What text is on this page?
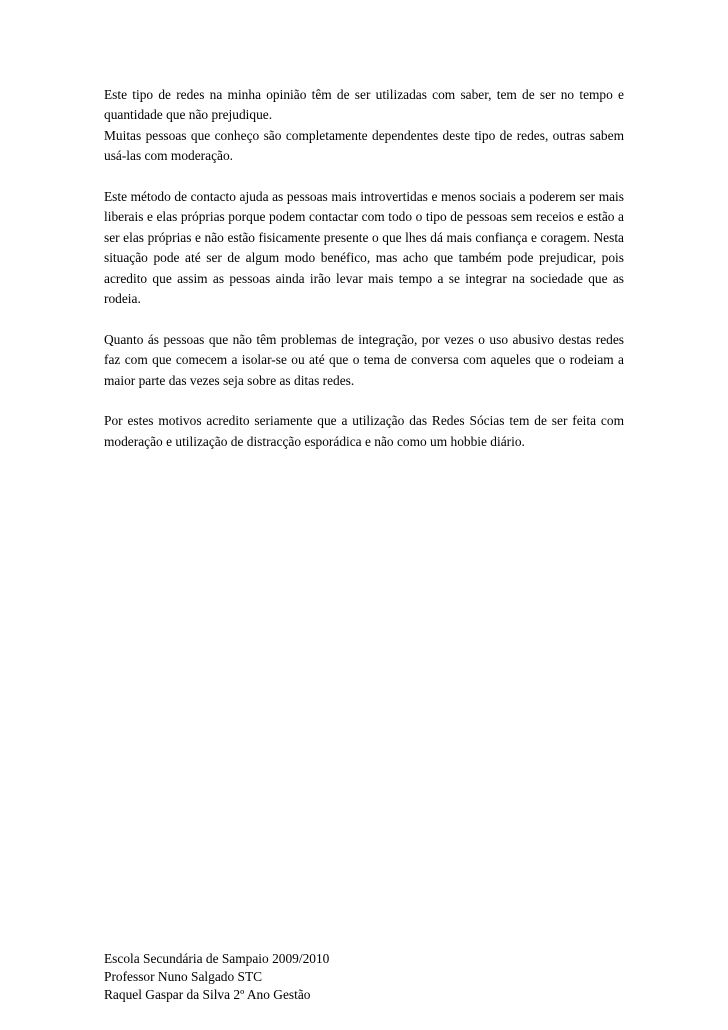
Este tipo de redes na minha opinião têm de ser utilizadas com saber, tem de ser no tempo e quantidade que não prejudique.

Muitas pessoas que conheço são completamente dependentes deste tipo de redes, outras sabem usá-las com moderação.

Este método de contacto ajuda as pessoas mais introvertidas e menos sociais a poderem ser mais liberais e elas próprias porque podem contactar com todo o tipo de pessoas sem receios e estão a ser elas próprias e não estão fisicamente presente o que lhes dá mais confiança e coragem. Nesta situação pode até ser de algum modo benéfico, mas acho que também pode prejudicar, pois acredito que assim as pessoas ainda irão levar mais tempo a se integrar na sociedade que as rodeia.

Quanto ás pessoas que não têm problemas de integração, por vezes o uso abusivo destas redes faz com que comecem a isolar-se ou até que o tema de conversa com aqueles que o rodeiam a maior parte das vezes seja sobre as ditas redes.

Por estes motivos acredito seriamente que a utilização das Redes Sócias tem de ser feita com moderação e utilização de distracção esporádica e não como um hobbie diário.

Escola Secundária de Sampaio 2009/2010
Professor Nuno Salgado STC
Raquel Gaspar da Silva 2º Ano Gestão
